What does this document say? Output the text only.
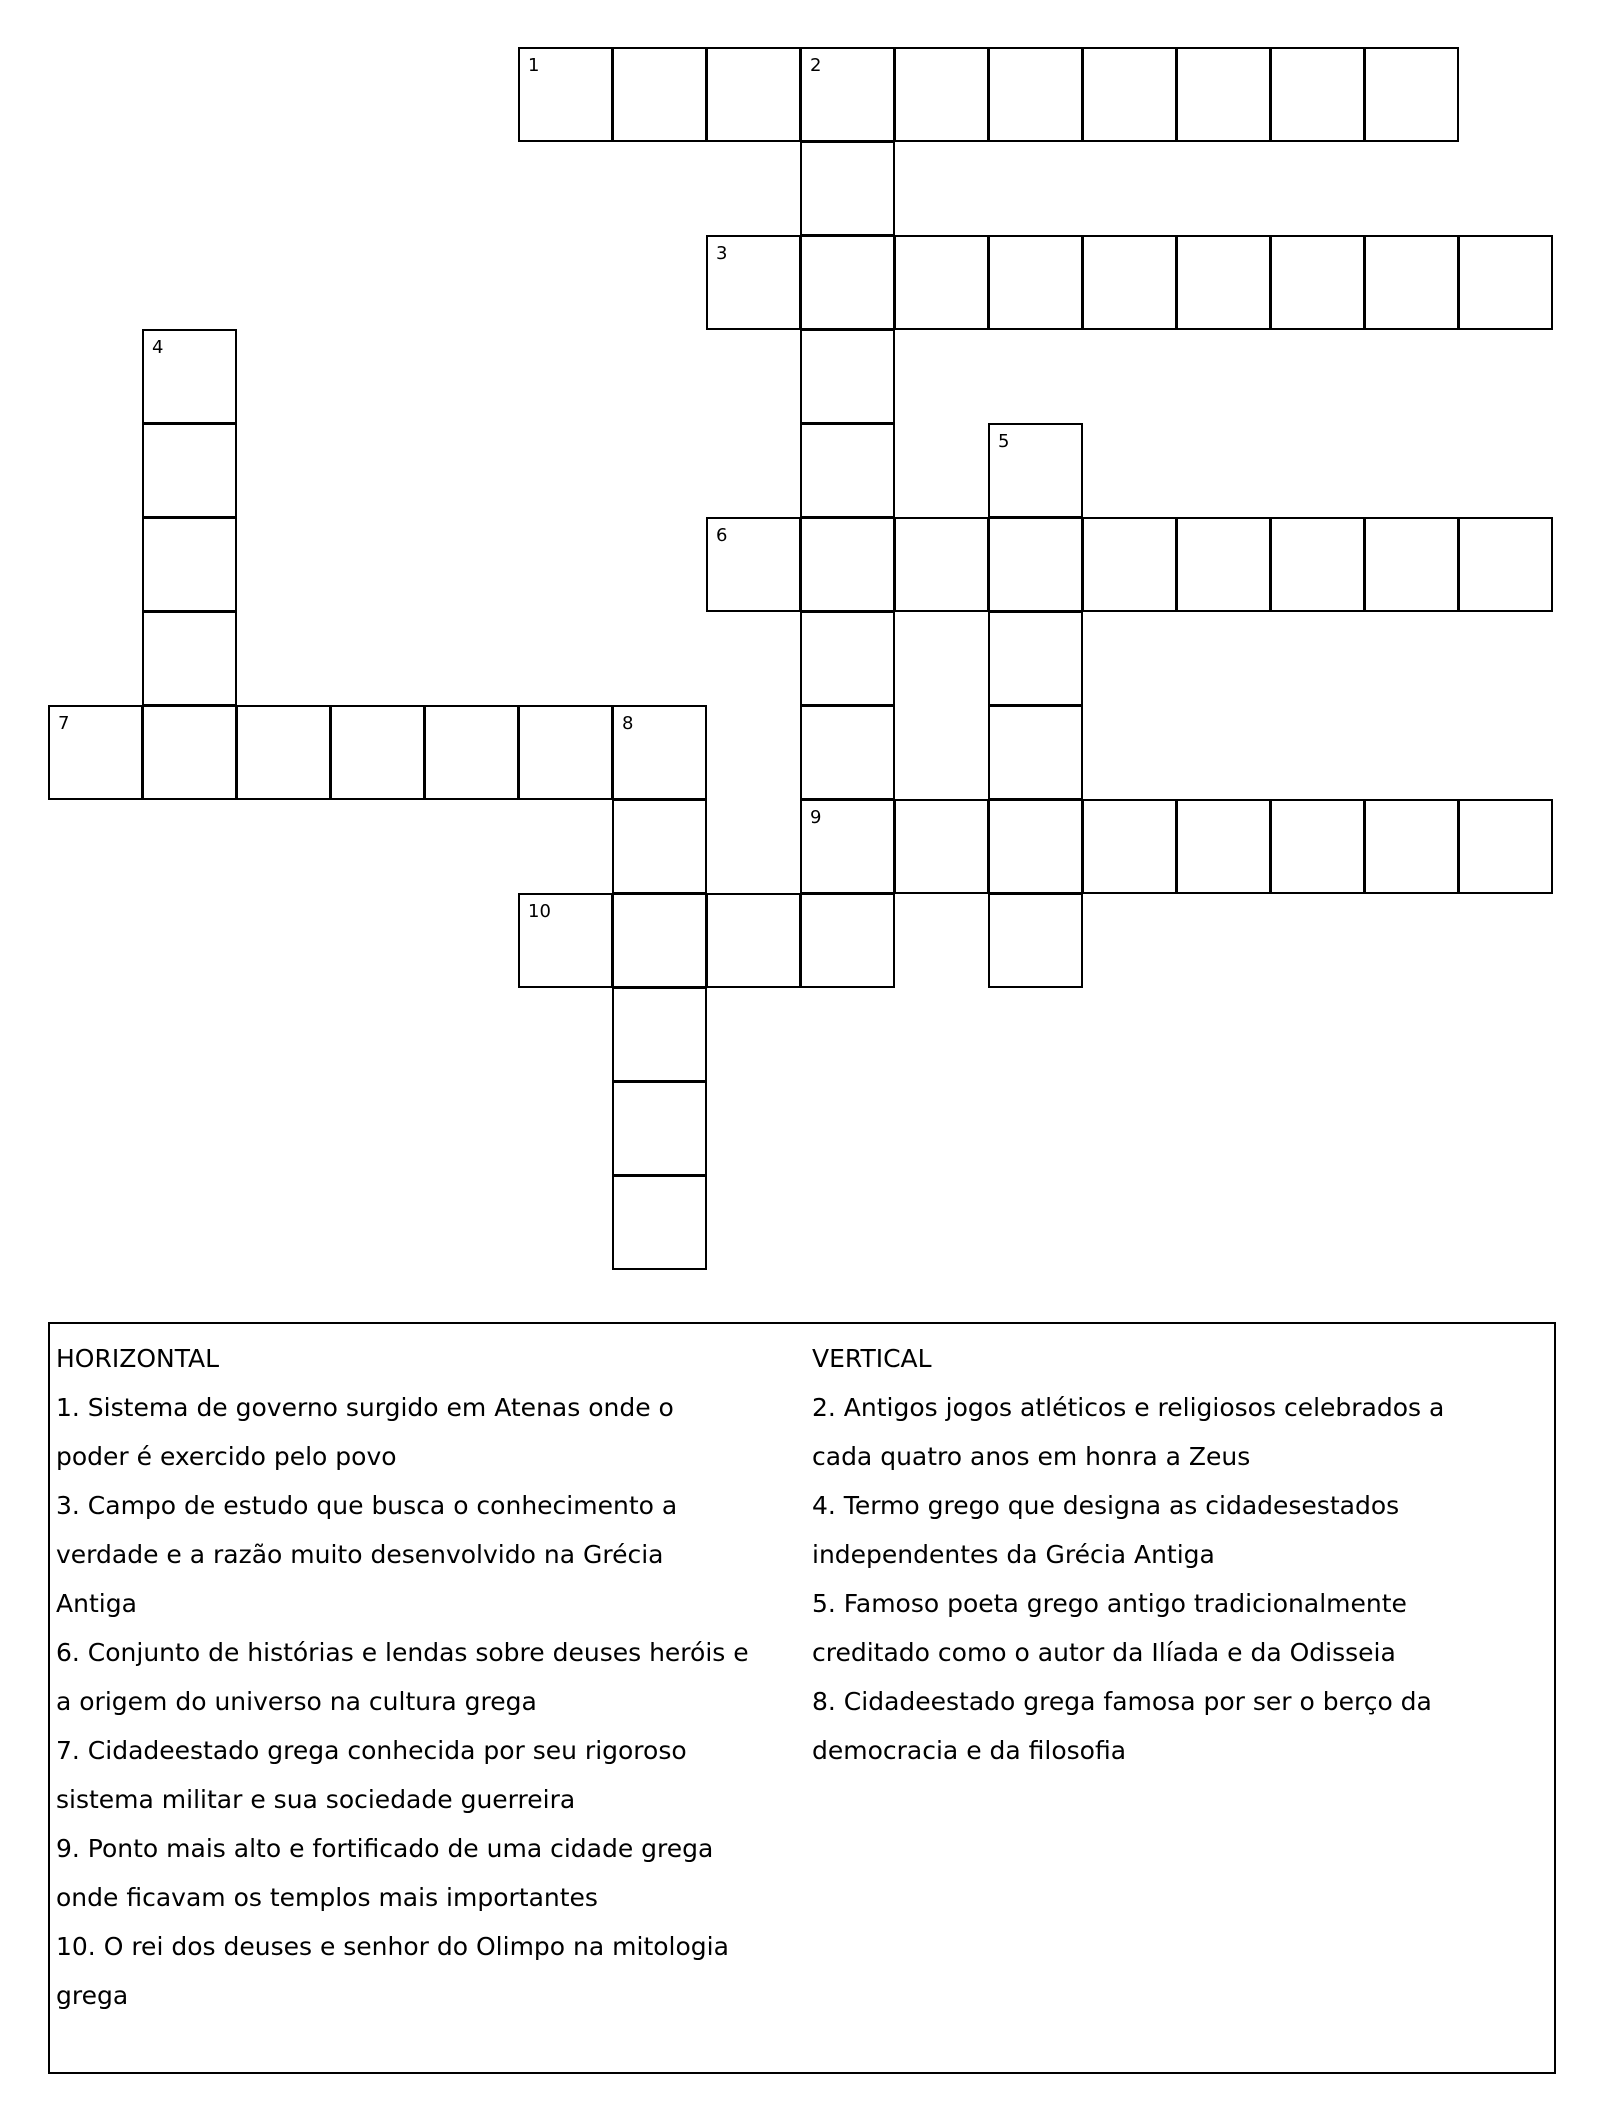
1	2
3
4
5
6
7	8
9
10
HORIZONTAL
1. Sistema de governo surgido em Atenas onde o
poder é exercido pelo povo
3. Campo de estudo que busca o conhecimento a
verdade e a razão muito desenvolvido na Grécia
Antiga
6. Conjunto de histórias e lendas sobre deuses heróis e
a origem do universo na cultura grega
7. Cidadeestado grega conhecida por seu rigoroso
sistema militar e sua sociedade guerreira
9. Ponto mais alto e fortificado de uma cidade grega
onde ficavam os templos mais importantes
10. O rei dos deuses e senhor do Olimpo na mitologia
grega
VERTICAL
2. Antigos jogos atléticos e religiosos celebrados a
cada quatro anos em honra a Zeus
4. Termo grego que designa as cidadesestados
independentes da Grécia Antiga
5. Famoso poeta grego antigo tradicionalmente
creditado como o autor da Ilíada e da Odisseia
8. Cidadeestado grega famosa por ser o berço da
democracia e da filosofia
